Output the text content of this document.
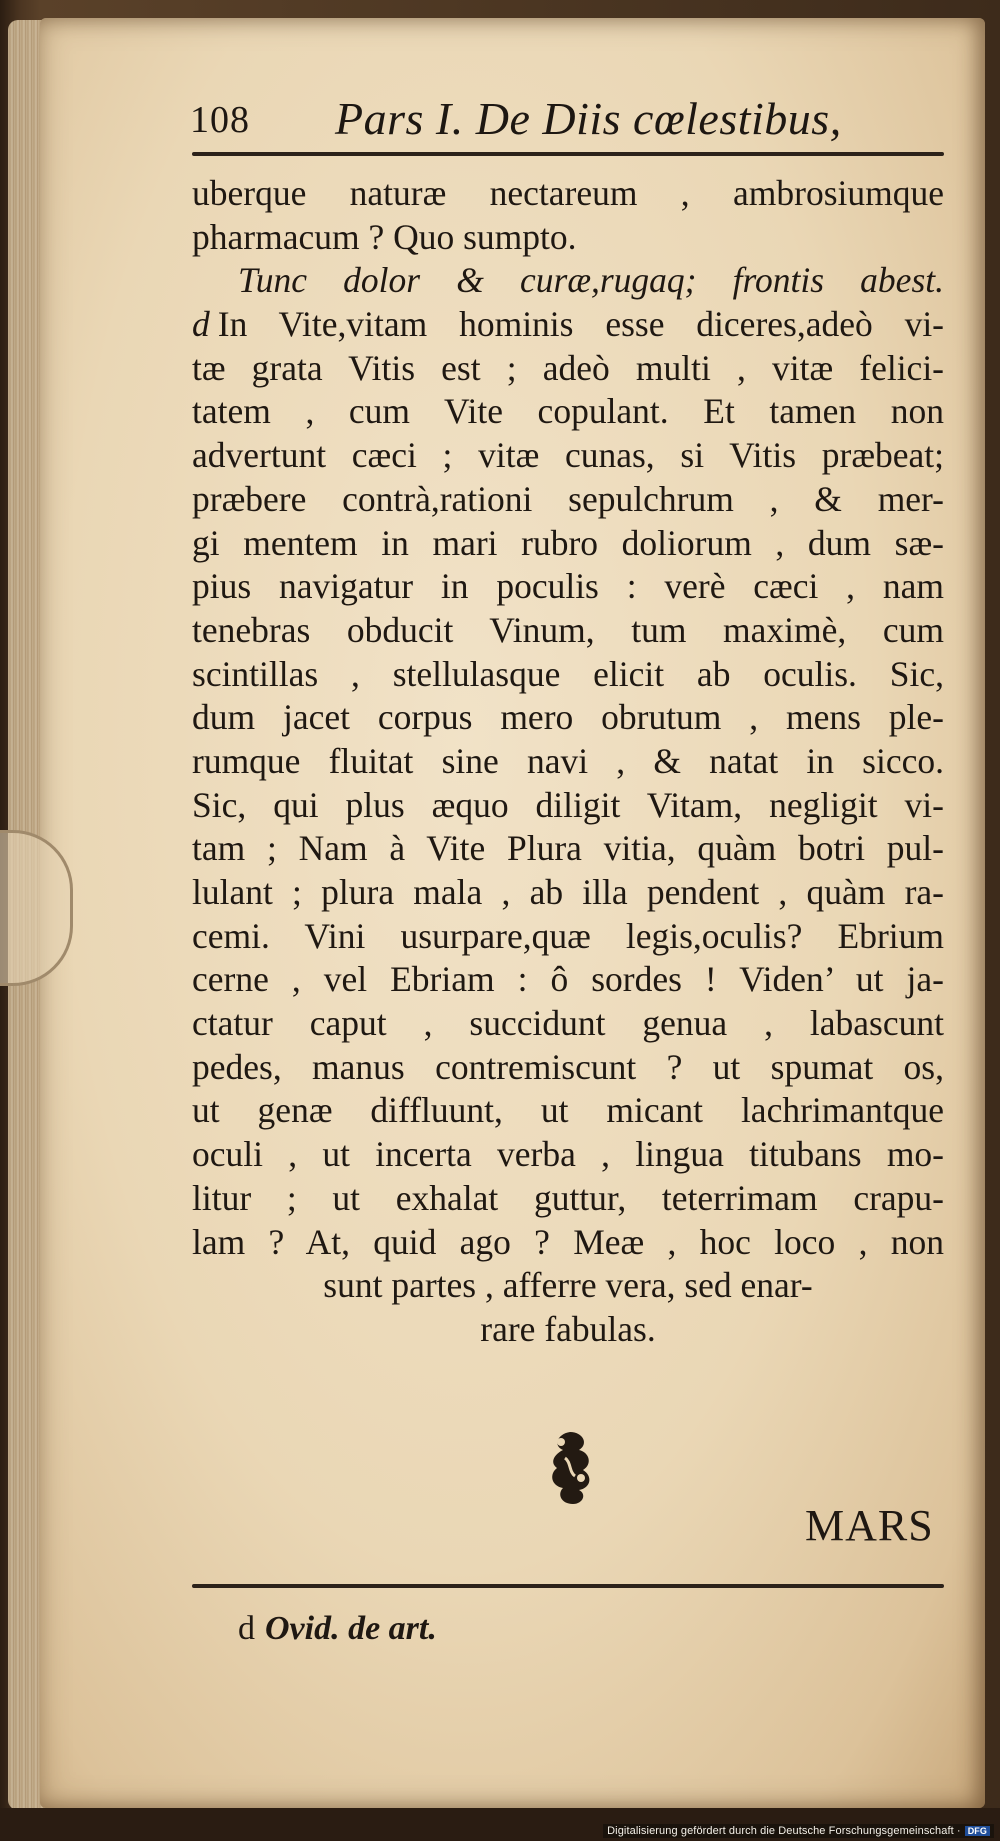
108 Pars I. De Diis cœlestibus,
uberque naturæ nectareum , ambrosiumque
pharmacum ? Quo sumpto.
Tunc dolor & curæ,rugaq; frontis abest.
d In Vite,vitam hominis esse diceres,adeò vi-
tæ grata Vitis est ; adeò multi , vitæ felici-
tatem , cum Vite copulant. Et tamen non
advertunt cæci ; vitæ cunas, si Vitis præbeat;
præbere contrà,rationi sepulchrum , & mer-
gi mentem in mari rubro doliorum , dum sæ-
pius navigatur in poculis : verè cæci , nam
tenebras obducit Vinum, tum maximè, cum
scintillas , stellulasque elicit ab oculis. Sic,
dum jacet corpus mero obrutum , mens ple-
rumque fluitat sine navi , & natat in sicco.
Sic, qui plus æquo diligit Vitam, negligit vi-
tam ; Nam à Vite Plura vitia, quàm botri pul-
lulant ; plura mala , ab illa pendent , quàm ra-
cemi. Vini usurpare,quæ legis,oculis? Ebrium
cerne , vel Ebriam : ô sordes ! Viden’ ut ja-
ctatur caput , succidunt genua , labascunt
pedes, manus contremiscunt ? ut spumat os,
ut genæ diffluunt, ut micant lachrimantque
oculi , ut incerta verba , lingua titubans mo-
litur ; ut exhalat guttur, teterrimam crapu-
lam ? At, quid ago ? Meæ , hoc loco , non
sunt partes , afferre vera, sed enar-
rare fabulas.
MARS
d Ovid. de art.
Digitalisierung gefördert durch die Deutsche Forschungsgemeinschaft · DFG
